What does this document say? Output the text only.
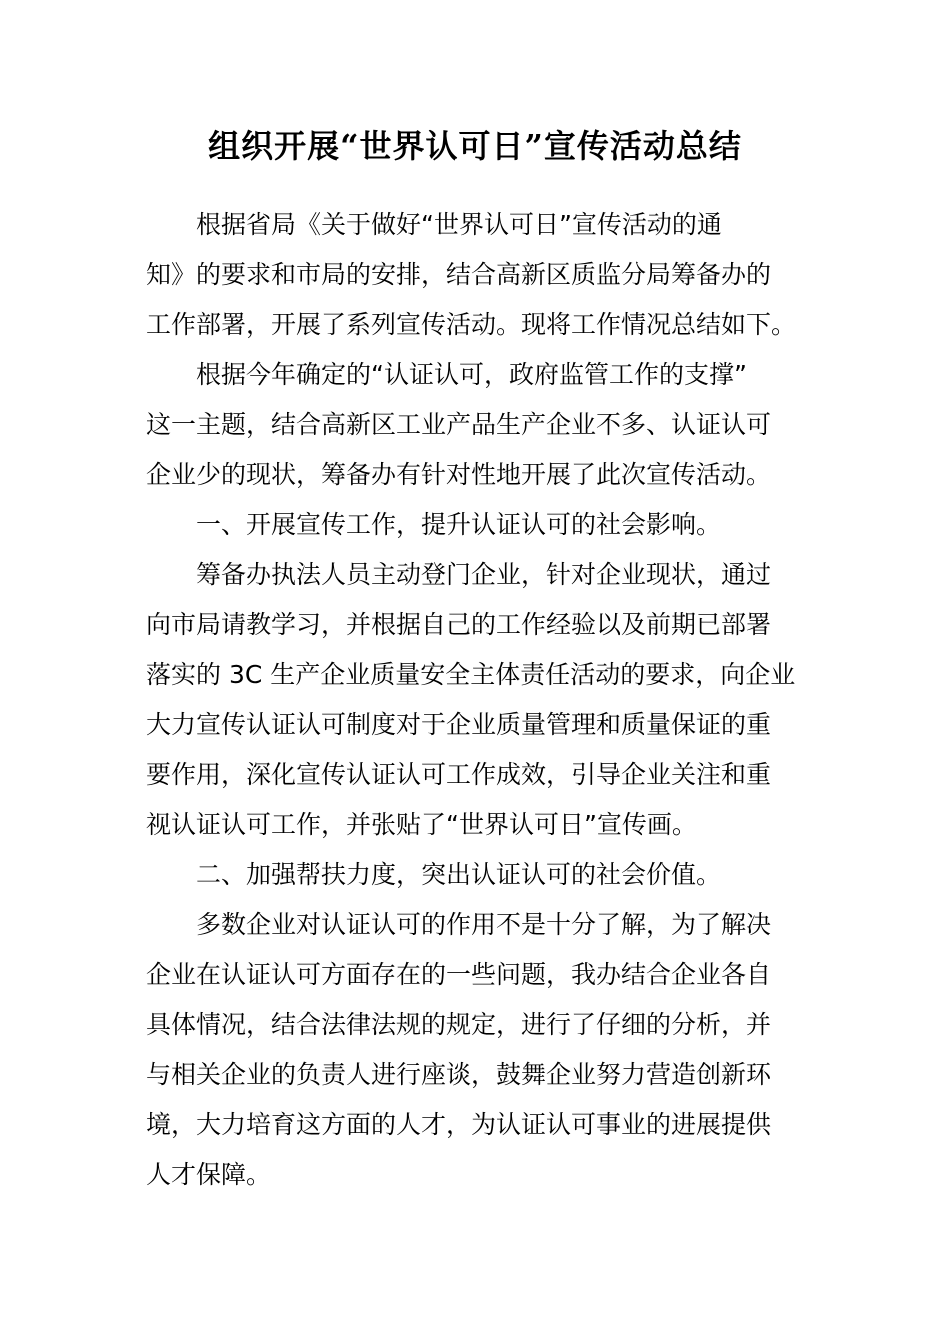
组织开展“世界认可日”宣传活动总结
根据省局《关于做好“世界认可日”宣传活动的通
知》的要求和市局的安排，结合高新区质监分局筹备办的
工作部署，开展了系列宣传活动。现将工作情况总结如下。
根据今年确定的“认证认可，政府监管工作的支撑”
这一主题，结合高新区工业产品生产企业不多、认证认可
企业少的现状，筹备办有针对性地开展了此次宣传活动。
一、开展宣传工作，提升认证认可的社会影响。
筹备办执法人员主动登门企业，针对企业现状，通过
向市局请教学习，并根据自己的工作经验以及前期已部署
落实的 3C 生产企业质量安全主体责任活动的要求，向企业
大力宣传认证认可制度对于企业质量管理和质量保证的重
要作用，深化宣传认证认可工作成效，引导企业关注和重
视认证认可工作，并张贴了“世界认可日”宣传画。
二、加强帮扶力度，突出认证认可的社会价值。
多数企业对认证认可的作用不是十分了解，为了解决
企业在认证认可方面存在的一些问题，我办结合企业各自
具体情况，结合法律法规的规定，进行了仔细的分析，并
与相关企业的负责人进行座谈，鼓舞企业努力营造创新环
境，大力培育这方面的人才，为认证认可事业的进展提供
人才保障。
